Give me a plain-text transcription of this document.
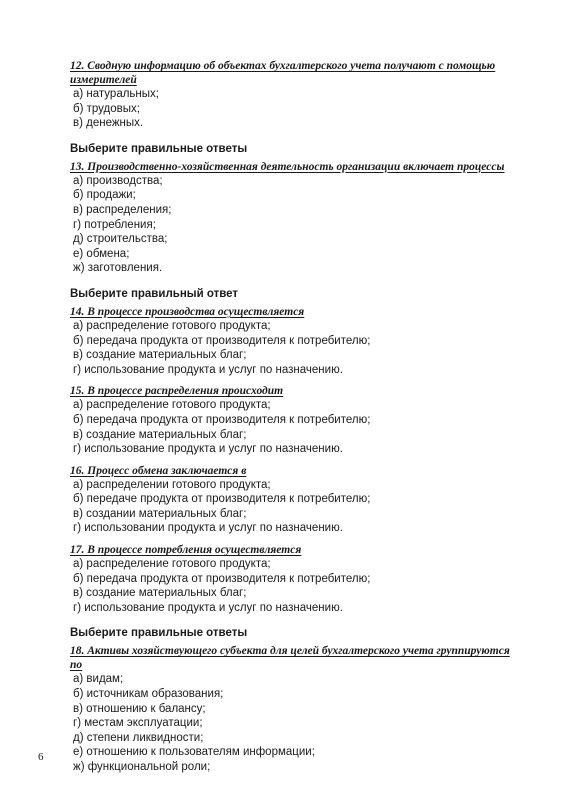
12. Сводную информацию об объектах бухгалтерского учета получают с помощью измерителей
а) натуральных;
б) трудовых;
в) денежных.
Выберите правильные ответы
13. Производственно-хозяйственная деятельность организации включает процессы
а) производства;
б) продажи;
в) распределения;
г) потребления;
д) строительства;
е) обмена;
ж) заготовления.
Выберите правильный ответ
14. В процессе производства осуществляется
а) распределение готового продукта;
б) передача продукта от производителя к потребителю;
в) создание материальных благ;
г) использование продукта и услуг по назначению.
15. В процессе распределения происходит
а) распределение готового продукта;
б) передача продукта от производителя к потребителю;
в) создание материальных благ;
г) использование продукта и услуг по назначению.
16. Процесс обмена заключается в
а) распределении готового продукта;
б) передаче продукта от производителя к потребителю;
в) создании материальных благ;
г) использовании продукта и услуг по назначению.
17. В процессе потребления осуществляется
а) распределение готового продукта;
б) передача продукта от производителя к потребителю;
в) создание материальных благ;
г) использование продукта и услуг по назначению.
Выберите правильные ответы
18. Активы хозяйствующего субъекта для целей бухгалтерского учета группируются по
а) видам;
б) источникам образования;
в) отношению к балансу;
г) местам эксплуатации;
д) степени ликвидности;
е) отношению к пользователям информации;
ж) функциональной роли;
6
